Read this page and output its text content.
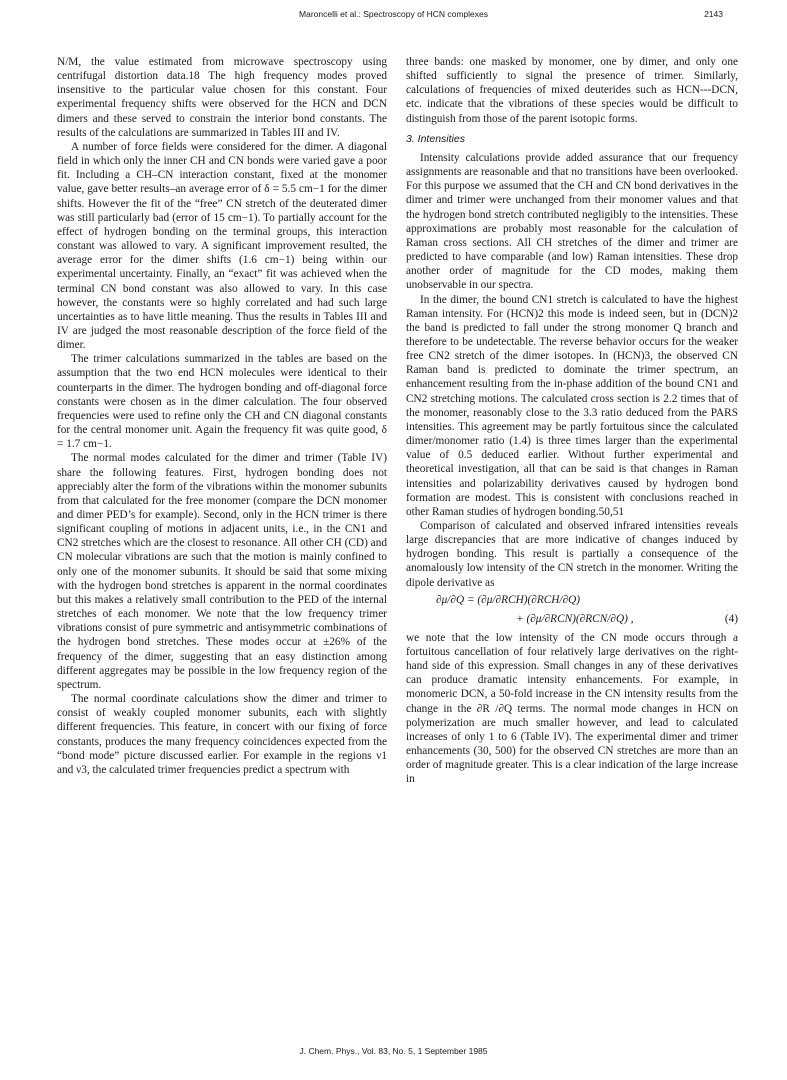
Maroncelli et al.: Spectroscopy of HCN complexes	2143

N/M, the value estimated from microwave spectroscopy using centrifugal distortion data.18 The high frequency modes proved insensitive to the particular value chosen for this constant. Four experimental frequency shifts were observed for the HCN and DCN dimers and these served to constrain the interior bond constants. The results of the calculations are summarized in Tables III and IV.

A number of force fields were considered for the dimer. A diagonal field in which only the inner CH and CN bonds were varied gave a poor fit. Including a CH–CN interaction constant, fixed at the monomer value, gave better results–an average error of δ = 5.5 cm−1 for the dimer shifts. However the fit of the “free” CN stretch of the deuterated dimer was still particularly bad (error of 15 cm−1). To partially account for the effect of hydrogen bonding on the terminal groups, this interaction constant was allowed to vary. A significant improvement resulted, the average error for the dimer shifts (1.6 cm−1) being within our experimental uncertainty. Finally, an “exact” fit was achieved when the terminal CN bond constant was also allowed to vary. In this case however, the constants were so highly correlated and had such large uncertainties as to have little meaning. Thus the results in Tables III and IV are judged the most reasonable description of the force field of the dimer.

The trimer calculations summarized in the tables are based on the assumption that the two end HCN molecules were identical to their counterparts in the dimer. The hydrogen bonding and off-diagonal force constants were chosen as in the dimer calculation. The four observed frequencies were used to refine only the CH and CN diagonal constants for the central monomer unit. Again the frequency fit was quite good, δ = 1.7 cm−1.

The normal modes calculated for the dimer and trimer (Table IV) share the following features. First, hydrogen bonding does not appreciably alter the form of the vibrations within the monomer subunits from that calculated for the free monomer (compare the DCN monomer and dimer PED’s for example). Second, only in the HCN trimer is there significant coupling of motions in adjacent units, i.e., in the CN1 and CN2 stretches which are the closest to resonance. All other CH (CD) and CN molecular vibrations are such that the motion is mainly confined to only one of the monomer subunits. It should be said that some mixing with the hydrogen bond stretches is apparent in the normal coordinates but this makes a relatively small contribution to the PED of the internal stretches of each monomer. We note that the low frequency trimer vibrations consist of pure symmetric and antisymmetric combinations of the hydrogen bond stretches. These modes occur at ±26% of the frequency of the dimer, suggesting that an easy distinction among different aggregates may be possible in the low frequency region of the spectrum.

The normal coordinate calculations show the dimer and trimer to consist of weakly coupled monomer subunits, each with slightly different frequencies. This feature, in concert with our fixing of force constants, produces the many frequency coincidences expected from the “bond mode” picture discussed earlier. For example in the regions ν1 and ν3, the calculated trimer frequencies predict a spectrum with

three bands: one masked by monomer, one by dimer, and only one shifted sufficiently to signal the presence of trimer. Similarly, calculations of frequencies of mixed deuterides such as HCN---DCN, etc. indicate that the vibrations of these species would be difficult to distinguish from those of the parent isotopic forms.

3. Intensities

Intensity calculations provide added assurance that our frequency assignments are reasonable and that no transitions have been overlooked. For this purpose we assumed that the CH and CN bond derivatives in the dimer and trimer were unchanged from their monomer values and that the hydrogen bond stretch contributed negligibly to the intensities. These approximations are probably most reasonable for the calculation of Raman cross sections. All CH stretches of the dimer and trimer are predicted to have comparable (and low) Raman intensities. These drop another order of magnitude for the CD modes, making them unobservable in our spectra.

In the dimer, the bound CN1 stretch is calculated to have the highest Raman intensity. For (HCN)2 this mode is indeed seen, but in (DCN)2 the band is predicted to fall under the strong monomer Q branch and therefore to be undetectable. The reverse behavior occurs for the weaker free CN2 stretch of the dimer isotopes. In (HCN)3, the observed CN Raman band is predicted to dominate the trimer spectrum, an enhancement resulting from the in-phase addition of the bound CN1 and CN2 stretching motions. The calculated cross section is 2.2 times that of the monomer, reasonably close to the 3.3 ratio deduced from the PARS intensities. This agreement may be partly fortuitous since the calculated dimer/monomer ratio (1.4) is three times larger than the experimental value of 0.5 deduced earlier. Without further experimental and theoretical investigation, all that can be said is that changes in Raman intensities and polarizability derivatives caused by hydrogen bond formation are modest. This is consistent with conclusions reached in other Raman studies of hydrogen bonding.50,51

Comparison of calculated and observed infrared intensities reveals large discrepancies that are more indicative of changes induced by hydrogen bonding. This result is partially a consequence of the anomalously low intensity of the CN stretch in the monomer. Writing the dipole derivative as

∂μ/∂Q = (∂μ/∂RCH)(∂RCH/∂Q)
+ (∂μ/∂RCN)(∂RCN/∂Q) ,	(4)

we note that the low intensity of the CN mode occurs through a fortuitous cancellation of four relatively large derivatives on the right-hand side of this expression. Small changes in any of these derivatives can produce dramatic intensity enhancements. For example, in monomeric DCN, a 50-fold increase in the CN intensity results from the change in the ∂R /∂Q terms. The normal mode changes in HCN on polymerization are much smaller however, and lead to calculated increases of only 1 to 6 (Table IV). The experimental dimer and trimer enhancements (30, 500) for the observed CN stretches are more than an order of magnitude greater. This is a clear indication of the large increase in

J. Chem. Phys., Vol. 83, No. 5, 1 September 1985
